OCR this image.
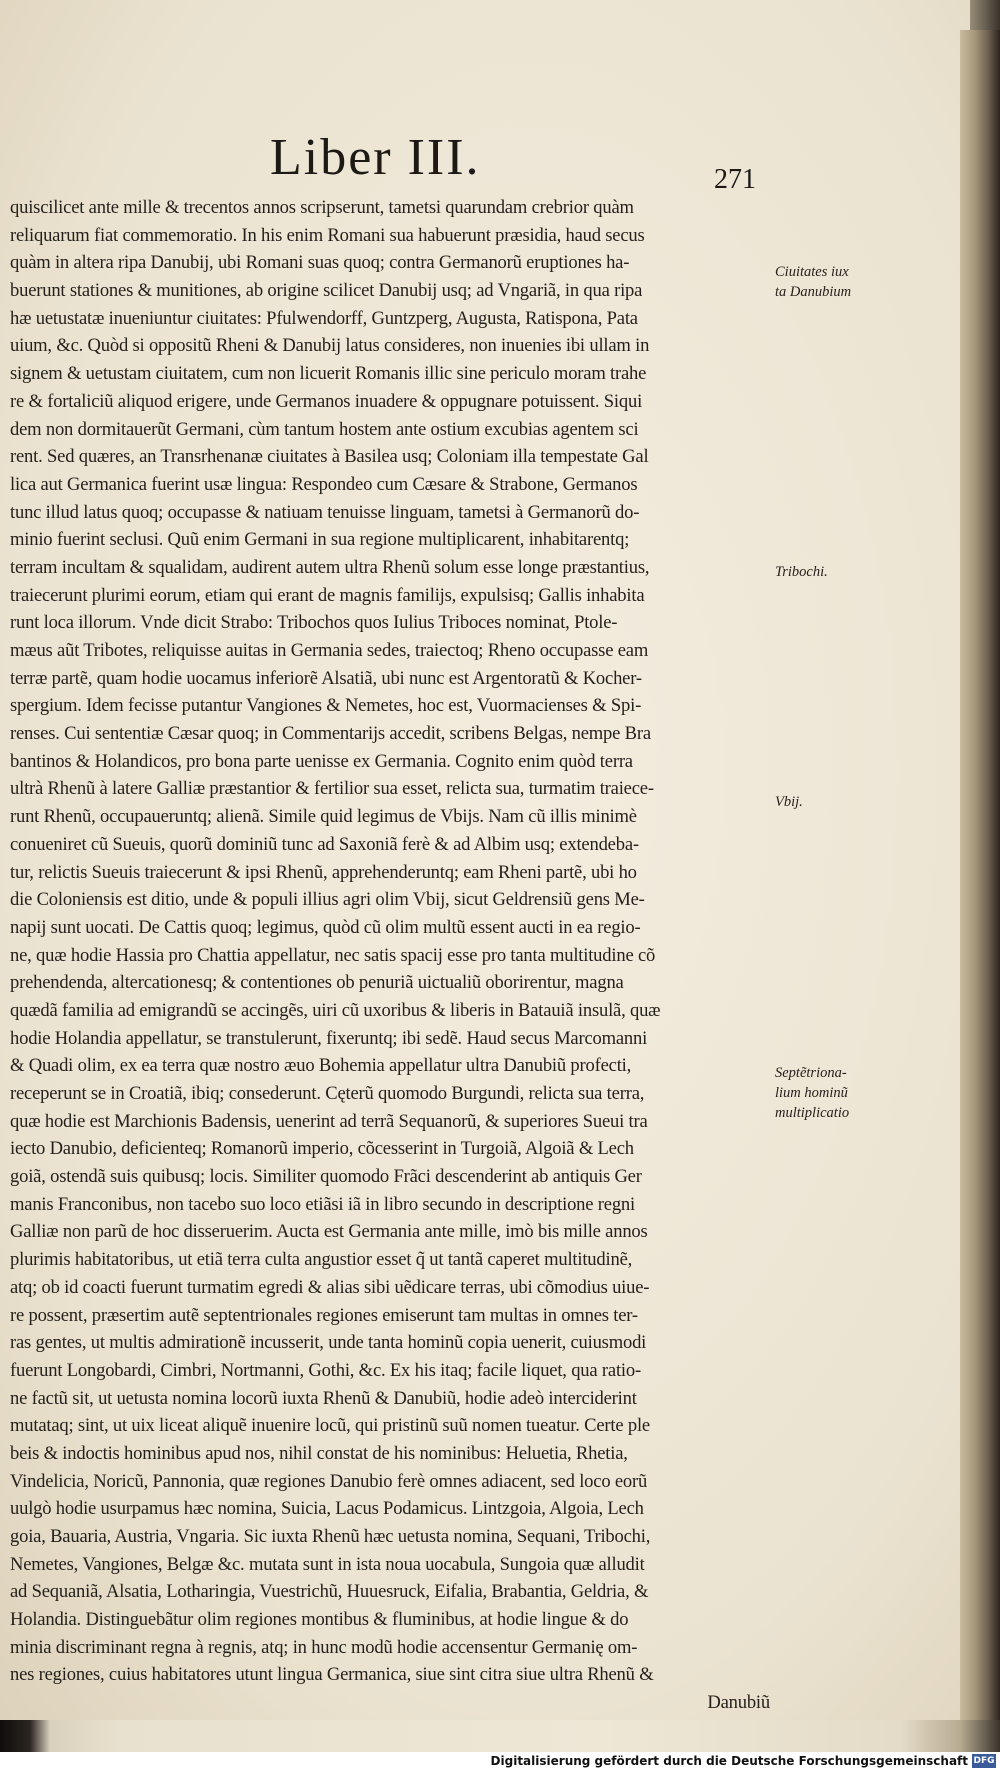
Liber III.	271
quiscilicet ante mille & trecentos annos scripserunt, tametsi quarundam crebrior quàm
reliquarum fiat commemoratio. In his enim Romani sua habuerunt præsidia, haud secus
quàm in altera ripa Danubij, ubi Romani suas quoq; contra Germanorũ eruptiones ha-
buerunt stationes & munitiones, ab origine scilicet Danubij usq; ad Vngariã, in qua ripa
hæ uetustatæ inueniuntur ciuitates: Pfulwendorff, Guntzperg, Augusta, Ratispona, Pata
uium, &c. Quòd si oppositũ Rheni & Danubij latus consideres, non inuenies ibi ullam in
signem & uetustam ciuitatem, cum non licuerit Romanis illic sine periculo moram trahe
re & fortaliciũ aliquod erigere, unde Germanos inuadere & oppugnare potuissent. Siqui
dem non dormitauerũt Germani, cùm tantum hostem ante ostium excubias agentem sci
rent. Sed quæres, an Transrhenanæ ciuitates à Basilea usq; Coloniam illa tempestate Gal
lica aut Germanica fuerint usæ lingua: Respondeo cum Cæsare & Strabone, Germanos
tunc illud latus quoq; occupasse & natiuam tenuisse linguam, tametsi à Germanorũ do-
minio fuerint seclusi. Quũ enim Germani in sua regione multiplicarent, inhabitarentq;
terram incultam & squalidam, audirent autem ultra Rhenũ solum esse longe præstantius,
traiecerunt plurimi eorum, etiam qui erant de magnis familijs, expulsisq; Gallis inhabita
runt loca illorum. Vnde dicit Strabo: Tribochos quos Iulius Triboces nominat, Ptole-
mæus aũt Tribotes, reliquisse auitas in Germania sedes, traiectoq; Rheno occupasse eam
terræ partẽ, quam hodie uocamus inferiorẽ Alsatiã, ubi nunc est Argentoratũ & Kocher-
spergium. Idem fecisse putantur Vangiones & Nemetes, hoc est, Vuormacienses & Spi-
renses. Cui sententiæ Cæsar quoq; in Commentarijs accedit, scribens Belgas, nempe Bra
bantinos & Holandicos, pro bona parte uenisse ex Germania. Cognito enim quòd terra
ultrà Rhenũ à latere Galliæ præstantior & fertilior sua esset, relicta sua, turmatim traiece-
runt Rhenũ, occupaueruntq; alienã. Simile quid legimus de Vbijs. Nam cũ illis minimè
conueniret cũ Sueuis, quorũ dominiũ tunc ad Saxoniã ferè & ad Albim usq; extendeba-
tur, relictis Sueuis traiecerunt & ipsi Rhenũ, apprehenderuntq; eam Rheni partẽ, ubi ho
die Coloniensis est ditio, unde & populi illius agri olim Vbij, sicut Geldrensiũ gens Me-
napij sunt uocati. De Cattis quoq; legimus, quòd cũ olim multũ essent aucti in ea regio-
ne, quæ hodie Hassia pro Chattia appellatur, nec satis spacij esse pro tanta multitudine cõ
prehendenda, altercationesq; & contentiones ob penuriã uictualiũ oborirentur, magna
quædã familia ad emigrandũ se accingẽs, uiri cũ uxoribus & liberis in Batauiã insulã, quæ
hodie Holandia appellatur, se transtulerunt, fixeruntq; ibi sedẽ. Haud secus Marcomanni
& Quadi olim, ex ea terra quæ nostro æuo Bohemia appellatur ultra Danubiũ profecti,
receperunt se in Croatiã, ibiq; consederunt. Cęterũ quomodo Burgundi, relicta sua terra,
quæ hodie est Marchionis Badensis, uenerint ad terrã Sequanorũ, & superiores Sueui tra
iecto Danubio, deficienteq; Romanorũ imperio, cõcesserint in Turgoiã, Algoiã & Lech
goiã, ostendã suis quibusq; locis. Similiter quomodo Frãci descenderint ab antiquis Ger
manis Franconibus, non tacebo suo loco etiãsi iã in libro secundo in descriptione regni
Galliæ non parũ de hoc disseruerim. Aucta est Germania ante mille, imò bis mille annos
plurimis habitatoribus, ut etiã terra culta angustior esset q̃ ut tantã caperet multitudinẽ,
atq; ob id coacti fuerunt turmatim egredi & alias sibi uẽdicare terras, ubi cõmodius uiue-
re possent, præsertim autẽ septentrionales regiones emiserunt tam multas in omnes ter-
ras gentes, ut multis admirationẽ incusserit, unde tanta hominũ copia uenerit, cuiusmodi
fuerunt Longobardi, Cimbri, Nortmanni, Gothi, &c. Ex his itaq; facile liquet, qua ratio-
ne factũ sit, ut uetusta nomina locorũ iuxta Rhenũ & Danubiũ, hodie adeò interciderint
mutataq; sint, ut uix liceat aliquẽ inuenire locũ, qui pristinũ suũ nomen tueatur. Certe ple
beis & indoctis hominibus apud nos, nihil constat de his nominibus: Heluetia, Rhetia,
Vindelicia, Noricũ, Pannonia, quæ regiones Danubio ferè omnes adiacent, sed loco eorũ
uulgò hodie usurpamus hæc nomina, Suicia, Lacus Podamicus. Lintzgoia, Algoia, Lech
goia, Bauaria, Austria, Vngaria. Sic iuxta Rhenũ hæc uetusta nomina, Sequani, Tribochi,
Nemetes, Vangiones, Belgæ &c. mutata sunt in ista noua uocabula, Sungoia quæ alludit
ad Sequaniã, Alsatia, Lotharingia, Vuestrichũ, Huuesruck, Eifalia, Brabantia, Geldria, &
Holandia. Distinguebãtur olim regiones montibus & fluminibus, at hodie lingue & do
minia discriminant regna à regnis, atq; in hunc modũ hodie accensentur Germanię om-
nes regiones, cuius habitatores utunt lingua Germanica, siue sint citra siue ultra Rhenũ &
Danubiũ
Ciuitates iux
ta Danubium
Tribochi.
Vbij.
Septẽtriona-
lium hominũ
multiplicatio
Digitalisierung gefördert durch die Deutsche Forschungsgemeinschaft DFG
